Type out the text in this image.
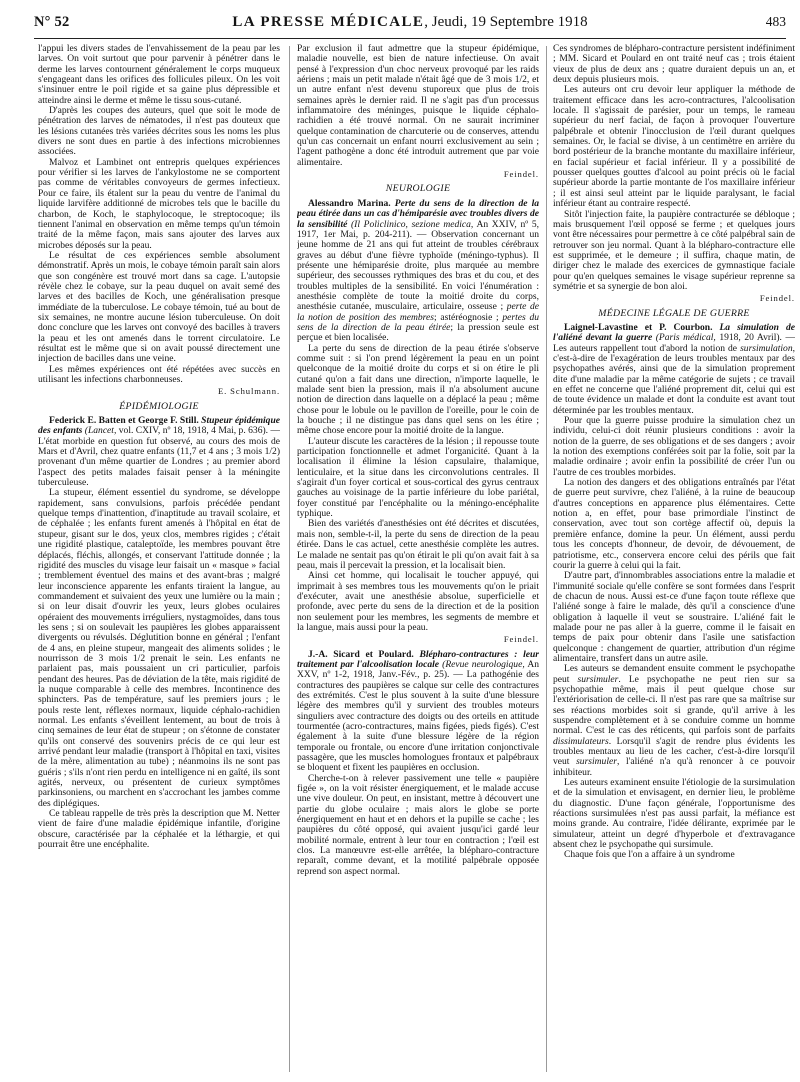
N° 52	LA PRESSE MÉDICALE, Jeudi, 19 Septembre 1918	483

l'appui les divers stades de l'envahissement de la peau par les larves. On voit surtout que pour parvenir à pénétrer dans le derme les larves contournent généralement le corps muqueux s'engageant dans les orifices des follicules pileux. On les voit s'insinuer entre le poil rigide et sa gaine plus dépressible et atteindre ainsi le derme et même le tissu sous-cutané.

D'après les coupes des auteurs, quel que soit le mode de pénétration des larves de nématodes, il n'est pas douteux que les lésions cutanées très variées décrites sous les noms les plus divers ne sont dues en partie à des infections microbiennes associées.

Malvoz et Lambinet ont entrepris quelques expériences pour vérifier si les larves de l'ankylostome ne se comportent pas comme de véritables convoyeurs de germes infectieux. Pour ce faire, ils étalent sur la peau du ventre de l'animal du liquide larvifère additionné de microbes tels que le bacille du charbon, de Koch, le staphylocoque, le streptocoque; ils tiennent l'animal en observation en même temps qu'un témoin traité de la même façon, mais sans ajouter des larves aux microbes déposés sur la peau.

Le résultat de ces expériences semble absolument démonstratif. Après un mois, le cobaye témoin paraît sain alors que son congénère est trouvé mort dans sa cage. L'autopsie révèle chez le cobaye, sur la peau duquel on avait semé des larves et des bacilles de Koch, une généralisation presque immédiate de la tuberculose. Le cobaye témoin, tué au bout de six semaines, ne montre aucune lésion tuberculeuse. On doit donc conclure que les larves ont convoyé des bacilles à travers la peau et les ont amenés dans le torrent circulatoire. Le résultat est le même que si on avait poussé directement une injection de bacilles dans une veine.

Les mêmes expériences ont été répétées avec succès en utilisant les infections charbonneuses.

E. Schulmann.
ÉPIDÉMIOLOGIE

Federick E. Batten et George F. Still. Stupeur épidémique des enfants (Lancet, vol. CXIV, nº 18, 1918, 4 Mai, p. 636). — L'état morbide en question fut observé, au cours des mois de Mars et d'Avril, chez quatre enfants (11,7 et 4 ans ; 3 mois 1/2) provenant d'un même quartier de Londres ; au premier abord l'aspect des petits malades faisait penser à la méningite tuberculeuse.

La stupeur, élément essentiel du syndrome, se développe rapidement, sans convulsions, parfois précédée pendant quelque temps d'inattention, d'inaptitude au travail scolaire, et de céphalée ; les enfants furent amenés à l'hôpital en état de stupeur, gisant sur le dos, yeux clos, membres rigides ; c'était une rigidité plastique, cataleptoïde, les membres pouvant être déplacés, fléchis, allongés, et conservant l'attitude donnée ; la rigidité des muscles du visage leur faisait un « masque » facial ; tremblement éventuel des mains et des avant-bras ; malgré leur inconscience apparente les enfants tiraient la langue, au commandement et suivaient des yeux une lumière ou la main ; si on leur disait d'ouvrir les yeux, leurs globes oculaires opéraient des mouvements irréguliers, nystagmoïdes, dans tous les sens ; si on soulevait les paupières les globes apparaissent divergents ou révulsés. Déglutition bonne en général ; l'enfant de 4 ans, en pleine stupeur, mangeait des aliments solides ; le nourrisson de 3 mois 1/2 prenait le sein. Les enfants ne parlaient pas, mais poussaient un cri particulier, parfois pendant des heures. Pas de déviation de la tête, mais rigidité de la nuque comparable à celle des membres. Incontinence des sphincters. Pas de température, sauf les premiers jours ; le pouls reste lent, réflexes normaux, liquide céphalo-rachidien normal. Les enfants s'éveillent lentement, au bout de trois à cinq semaines de leur état de stupeur ; on s'étonne de constater qu'ils ont conservé des souvenirs précis de ce qui leur est arrivé pendant leur maladie (transport à l'hôpital en taxi, visites de la mère, alimentation au tube) ; néanmoins ils ne sont pas guéris ; s'ils n'ont rien perdu en intelligence ni en gaîté, ils sont agités, nerveux, ou présentent de curieux symptômes parkinsoniens, ou marchent en s'accrochant les jambes comme des diplégiques.

Ce tableau rappelle de très près la description que M. Netter vient de faire d'une maladie épidémique infantile, d'origine obscure, caractérisée par la céphalée et la léthargie, et qui pourrait être une encéphalite.

Par exclusion il faut admettre que la stupeur épidémique, maladie nouvelle, est bien de nature infectieuse. On avait pensé à l'expression d'un choc nerveux provoqué par les raids aériens ; mais un petit malade n'était âgé que de 3 mois 1/2, et un autre enfant n'est devenu stuporeux que plus de trois semaines après le dernier raid. Il ne s'agit pas d'un processus inflammatoire des méninges, puisque le liquide céphalo-rachidien a été trouvé normal. On ne saurait incriminer quelque contamination de charcuterie ou de conserves, attendu qu'un cas concernait un enfant nourri exclusivement au sein ; l'agent pathogène a donc été introduit autrement que par voie alimentaire.

Feindel.
NEUROLOGIE

Alessandro Marina. Perte du sens de la direction de la peau étirée dans un cas d'hémiparésie avec troubles divers de la sensibilité (Il Policlinico, sezione medica, An XXIV, nº 5, 1917, 1er Mai, p. 204-211). — Observation concernant un jeune homme de 21 ans qui fut atteint de troubles cérébraux graves au début d'une fièvre typhoïde (méningo-typhus). Il présente une hémiparésie droite, plus marquée au membre supérieur, des secousses rythmiques des bras et du cou, et des troubles multiples de la sensibilité. En voici l'énumération : anesthésie complète de toute la moitié droite du corps, anesthésie cutanée, musculaire, articulaire, osseuse ; perte de la notion de position des membres; astéréognosie ; pertes du sens de la direction de la peau étirée; la pression seule est perçue et bien localisée.

La perte du sens de direction de la peau étirée s'observe comme suit : si l'on prend légèrement la peau en un point quelconque de la moitié droite du corps et si on étire le pli cutané qu'on a fait dans une direction, n'importe laquelle, le malade sent bien la pression, mais il n'a absolument aucune notion de direction dans laquelle on a déplacé la peau ; même chose pour le lobule ou le pavillon de l'oreille, pour le coin de la bouche ; il ne distingue pas dans quel sens on les étire ; même chose encore pour la moitié droite de la langue.

L'auteur discute les caractères de la lésion ; il repousse toute participation fonctionnelle et admet l'organicité. Quant à la localisation il élimine la lésion capsulaire, thalamique, lenticulaire, et la situe dans les circonvolutions centrales. Il s'agirait d'un foyer cortical et sous-cortical des gyrus centraux gauches au voisinage de la partie inférieure du lobe pariétal, foyer constitué par l'encéphalite ou la méningo-encéphalite typhique.

Bien des variétés d'anesthésies ont été décrites et discutées, mais non, semble-t-il, la perte du sens de direction de la peau étirée. Dans le cas actuel, cette anesthésie complète les autres. Le malade ne sentait pas qu'on étirait le pli qu'on avait fait à sa peau, mais il percevait la pression, et la localisait bien.

Ainsi cet homme, qui localisait le toucher appuyé, qui imprimait à ses membres tous les mouvements qu'on le priait d'exécuter, avait une anesthésie absolue, superficielle et profonde, avec perte du sens de la direction et de la position non seulement pour les membres, les segments de membre et la langue, mais aussi pour la peau.

Feindel.

J.-A. Sicard et Poulard. Blépharo-contractures : leur traitement par l'alcoolisation locale (Revue neurologique, An XXV, nº 1-2, 1918, Janv.-Fév., p. 25). — La pathogénie des contractures des paupières se calque sur celle des contractures des extrémités. C'est le plus souvent à la suite d'une blessure légère des membres qu'il y survient des troubles moteurs singuliers avec contracture des doigts ou des orteils en attitude tourmentée (acro-contractures, mains figées, pieds figés). C'est également à la suite d'une blessure légère de la région temporale ou frontale, ou encore d'une irritation conjonctivale passagère, que les muscles homologues frontaux et palpébraux se bloquent et fixent les paupières en occlusion.

Cherche-t-on à relever passivement une telle « paupière figée », on la voit résister énergiquement, et le malade accuse une vive douleur. On peut, en insistant, mettre à découvert une partie du globe oculaire ; mais alors le globe se porte énergiquement en haut et en dehors et la pupille se cache ; les paupières du côté opposé, qui avaient jusqu'ici gardé leur mobilité normale, entrent à leur tour en contraction ; l'œil est clos. La manœuvre est-elle arrêtée, la blépharo-contracture reparaît, comme devant, et la motilité palpébrale opposée reprend son aspect normal.

Ces syndromes de blépharo-contracture persistent indéfiniment ; MM. Sicard et Poulard en ont traité neuf cas ; trois étaient vieux de plus de deux ans ; quatre duraient depuis un an, et deux depuis plusieurs mois.

Les auteurs ont cru devoir leur appliquer la méthode de traitement efficace dans les acro-contractures, l'alcoolisation locale. Il s'agissait de parésier, pour un temps, le rameau supérieur du nerf facial, de façon à provoquer l'ouverture palpébrale et obtenir l'inocclusion de l'œil durant quelques semaines. Or, le facial se divise, à un centimètre en arrière du bord postérieur de la branche montante du maxillaire inférieur, en facial supérieur et facial inférieur. Il y a possibilité de pousser quelques gouttes d'alcool au point précis où le facial supérieur aborde la partie montante de l'os maxillaire inférieur ; il est ainsi seul atteint par le liquide paralysant, le facial inférieur étant au contraire respecté.

Sitôt l'injection faite, la paupière contracturée se débloque ; mais brusquement l'œil opposé se ferme ; et quelques jours vont être nécessaires pour permettre à ce côté palpébral sain de retrouver son jeu normal. Quant à la blépharo-contracture elle est supprimée, et le demeure ; il suffira, chaque matin, de diriger chez le malade des exercices de gymnastique faciale pour qu'en quelques semaines le visage supérieur reprenne sa symétrie et sa synergie de bon aloi.

Feindel.
MÉDECINE LÉGALE DE GUERRE

Laignel-Lavastine et P. Courbon. La simulation de l'aliéné devant la guerre (Paris médical, 1918, 20 Avril). — Les auteurs rappellent tout d'abord la notion de sursimulation, c'est-à-dire de l'exagération de leurs troubles mentaux par des psychopathes avérés, ainsi que de la simulation proprement dite d'une maladie par la même catégorie de sujets ; ce travail en effet ne concerne que l'aliéné proprement dit, celui qui est de toute évidence un malade et dont la conduite est avant tout déterminée par les troubles mentaux.

Pour que la guerre puisse produire la simulation chez un individu, celui-ci doit réunir plusieurs conditions : avoir la notion de la guerre, de ses obligations et de ses dangers ; avoir la notion des exemptions conférées soit par la folie, soit par la maladie ordinaire ; avoir enfin la possibilité de créer l'un ou l'autre de ces troubles morbides.

La notion des dangers et des obligations entraînés par l'état de guerre peut survivre, chez l'aliéné, à la ruine de beaucoup d'autres conceptions en apparence plus élémentaires. Cette notion a, en effet, pour base primordiale l'instinct de conservation, avec tout son cortège affectif où, depuis la première enfance, domine la peur. Un élément, aussi perdu tous les concepts d'honneur, de devoir, de dévouement, de patriotisme, etc., conservera encore celui des périls que fait courir la guerre à celui qui la fait.

D'autre part, d'innombrables associations entre la maladie et l'immunité sociale qu'elle confère se sont formées dans l'esprit de chacun de nous. Aussi est-ce d'une façon toute réflexe que l'aliéné songe à faire le malade, dès qu'il a conscience d'une obligation à laquelle il veut se soustraire. L'aliéné fait le malade pour ne pas aller à la guerre, comme il le faisait en temps de paix pour obtenir dans l'asile une satisfaction quelconque : changement de quartier, attribution d'un régime alimentaire, transfert dans un autre asile.

Les auteurs se demandent ensuite comment le psychopathe peut sursimuler. Le psychopathe ne peut rien sur sa psychopathie même, mais il peut quelque chose sur l'extériorisation de celle-ci. Il n'est pas rare que sa maîtrise sur ses réactions morbides soit si grande, qu'il arrive à les suspendre complètement et à se conduire comme un homme normal. C'est le cas des réticents, qui parfois sont de parfaits dissimulateurs. Lorsqu'il s'agit de rendre plus évidents les troubles mentaux au lieu de les cacher, c'est-à-dire lorsqu'il veut sursimuler, l'aliéné n'a qu'à renoncer à ce pouvoir inhibiteur.

Les auteurs examinent ensuite l'étiologie de la sursimulation et de la simulation et envisagent, en dernier lieu, le problème du diagnostic. D'une façon générale, l'opportunisme des réactions sursimulées n'est pas aussi parfait, la méfiance est moins grande. Au contraire, l'idée délirante, exprimée par le simulateur, atteint un degré d'hyperbole et d'extravagance absent chez le psychopathe qui sursimule.

Chaque fois que l'on a affaire à un syndrome
